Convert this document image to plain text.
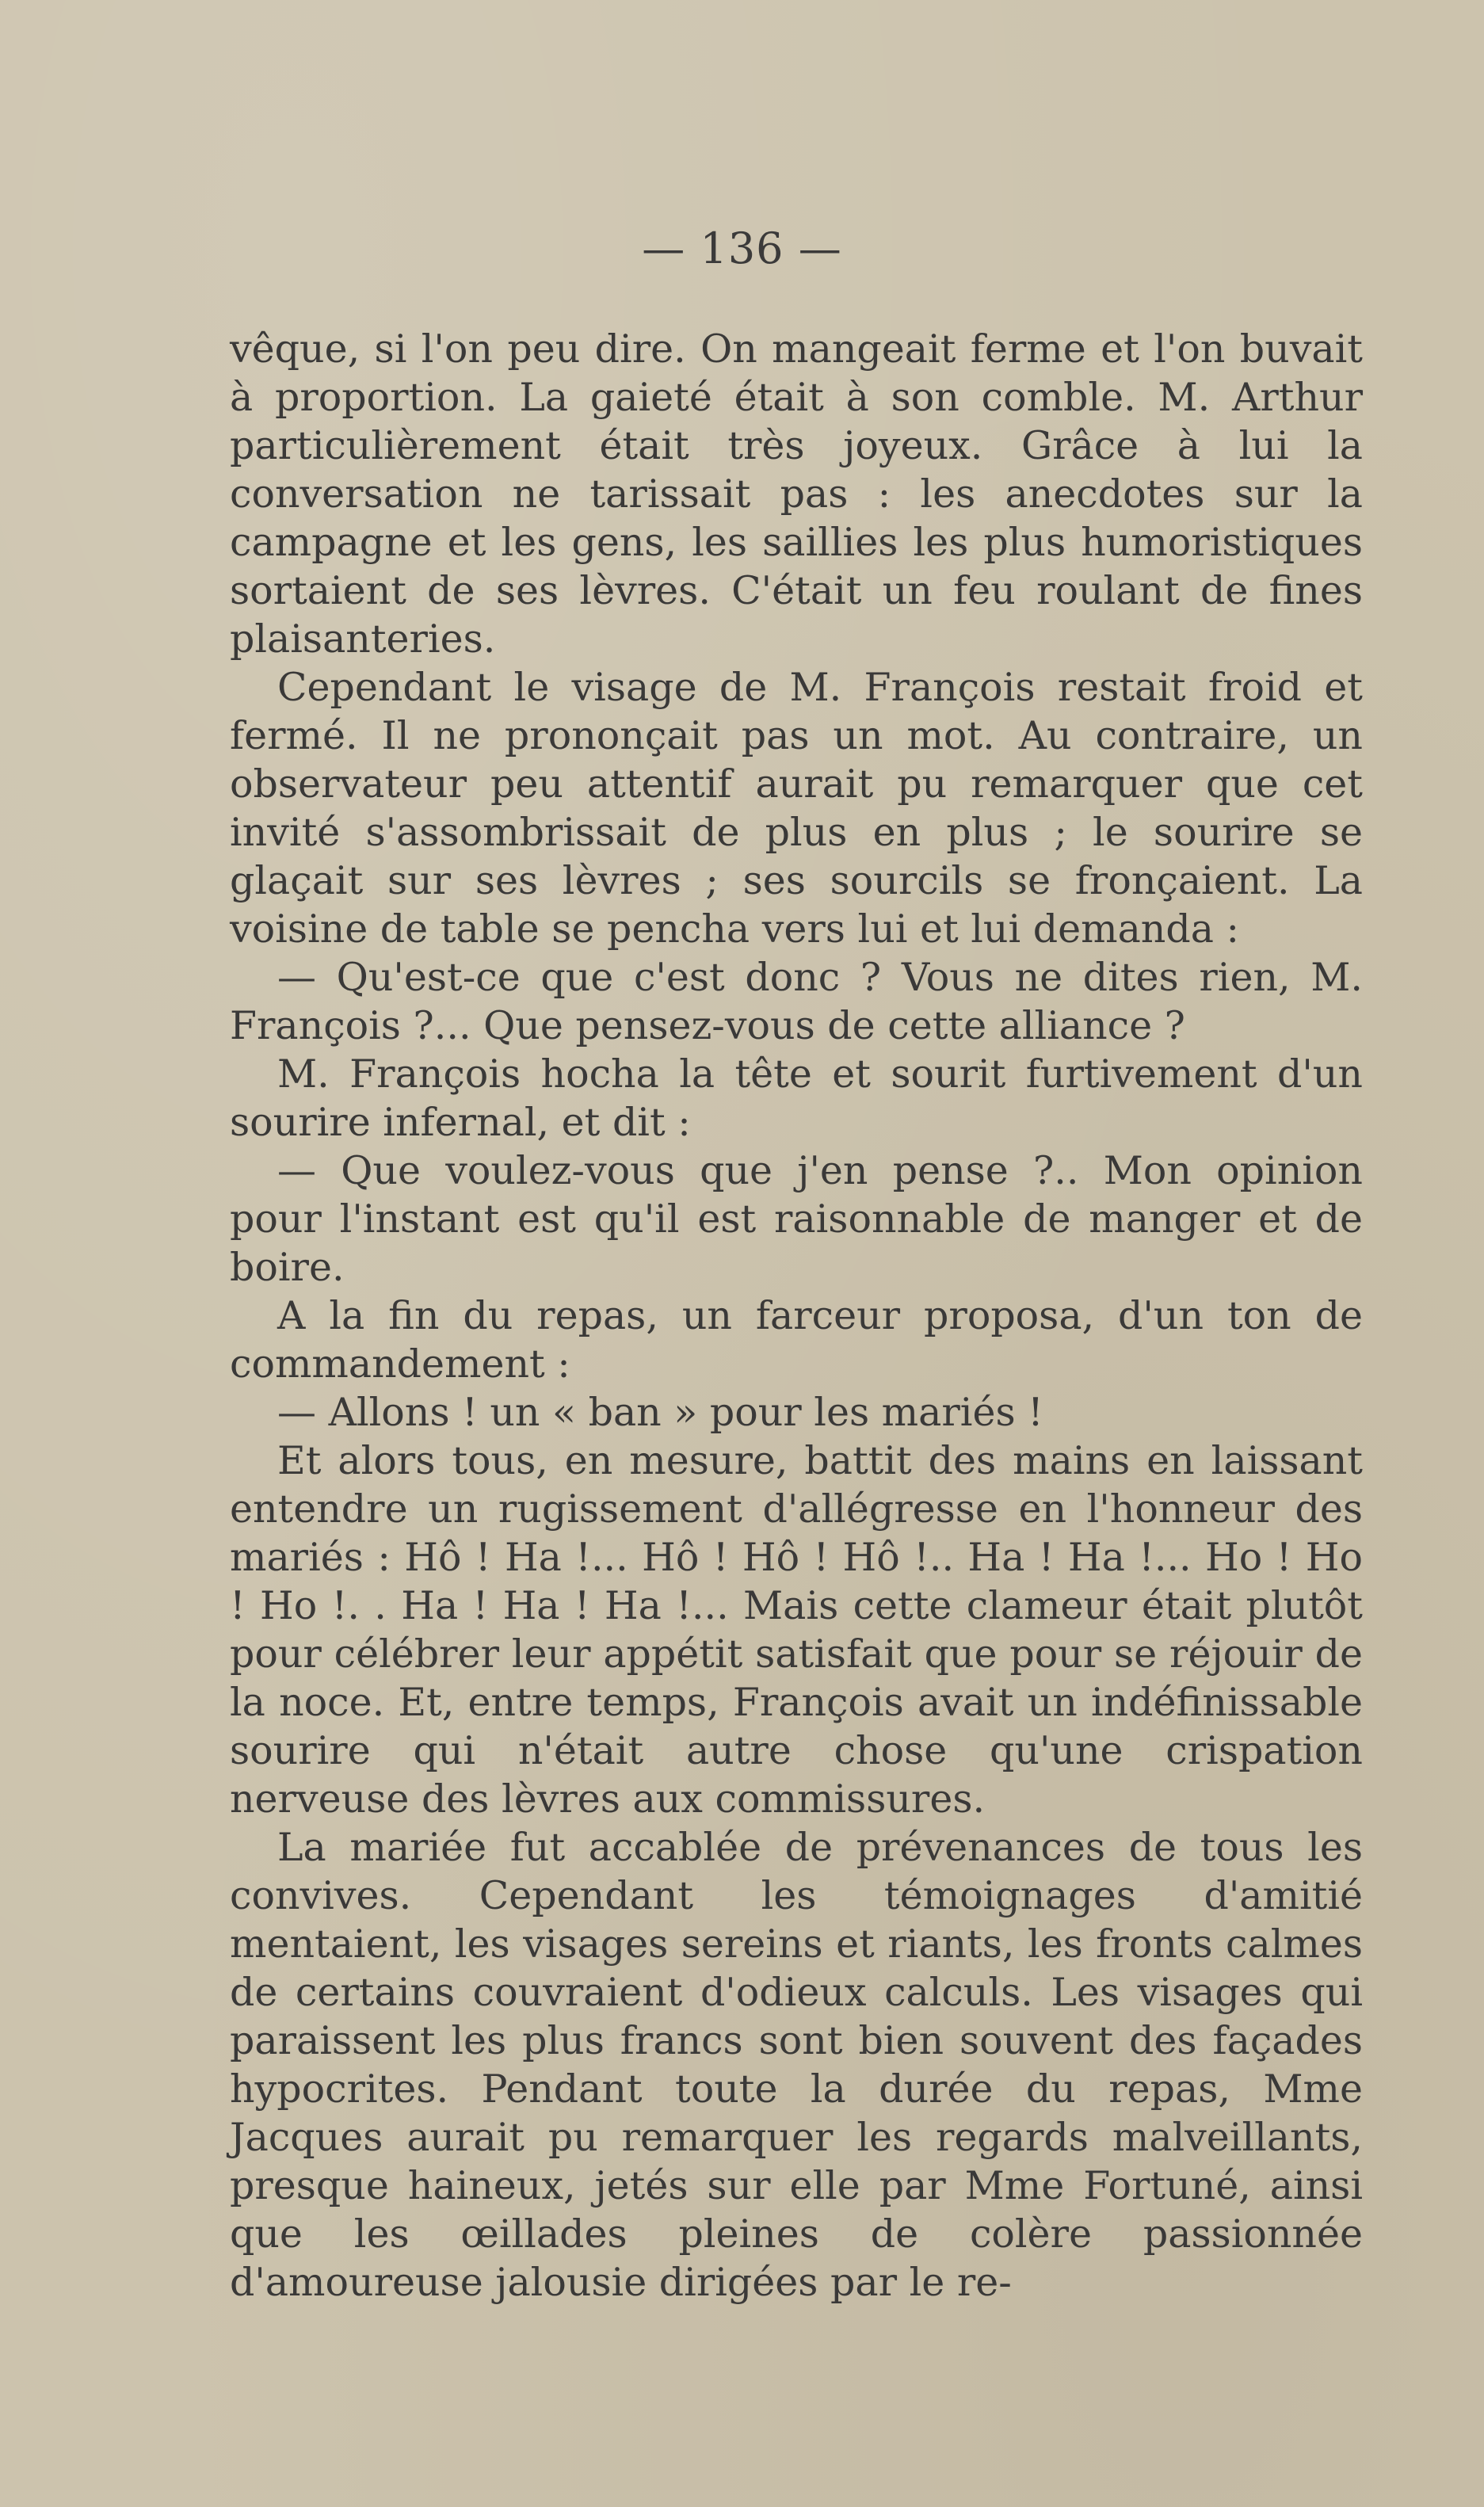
— 136 —

vêque, si l'on peu dire. On mangeait ferme et l'on buvait à proportion. La gaieté était à son comble. M. Arthur particulièrement était très joyeux. Grâce à lui la conversation ne tarissait pas : les anecdotes sur la campagne et les gens, les saillies les plus humoristiques sortaient de ses lèvres. C'était un feu roulant de fines plaisanteries.

Cependant le visage de M. François restait froid et fermé. Il ne prononçait pas un mot. Au contraire, un observateur peu attentif aurait pu remarquer que cet invité s'assombrissait de plus en plus ; le sourire se glaçait sur ses lèvres ; ses sourcils se fronçaient. La voisine de table se pencha vers lui et lui demanda :

— Qu'est-ce que c'est donc ? Vous ne dites rien, M. François ?... Que pensez-vous de cette alliance ?

M. François hocha la tête et sourit furtivement d'un sourire infernal, et dit :

— Que voulez-vous que j'en pense ?.. Mon opinion pour l'instant est qu'il est raisonnable de manger et de boire.

A la fin du repas, un farceur proposa, d'un ton de commandement :

— Allons ! un « ban » pour les mariés !

Et alors tous, en mesure, battit des mains en laissant entendre un rugissement d'allégresse en l'honneur des mariés : Hô ! Ha !... Hô ! Hô ! Hô !.. Ha ! Ha !... Ho ! Ho ! Ho !. . Ha ! Ha ! Ha !... Mais cette clameur était plutôt pour célébrer leur appétit satisfait que pour se réjouir de la noce. Et, entre temps, François avait un indéfinissable sourire qui n'était autre chose qu'une crispation nerveuse des lèvres aux commissures.

La mariée fut accablée de prévenances de tous les convives. Cependant les témoignages d'amitié mentaient, les visages sereins et riants, les fronts calmes de certains couvraient d'odieux calculs. Les visages qui paraissent les plus francs sont bien souvent des façades hypocrites. Pendant toute la durée du repas, Mme Jacques aurait pu remarquer les regards malveillants, presque haineux, jetés sur elle par Mme Fortuné, ainsi que les œillades pleines de colère passionnée d'amoureuse jalousie dirigées par le re-
